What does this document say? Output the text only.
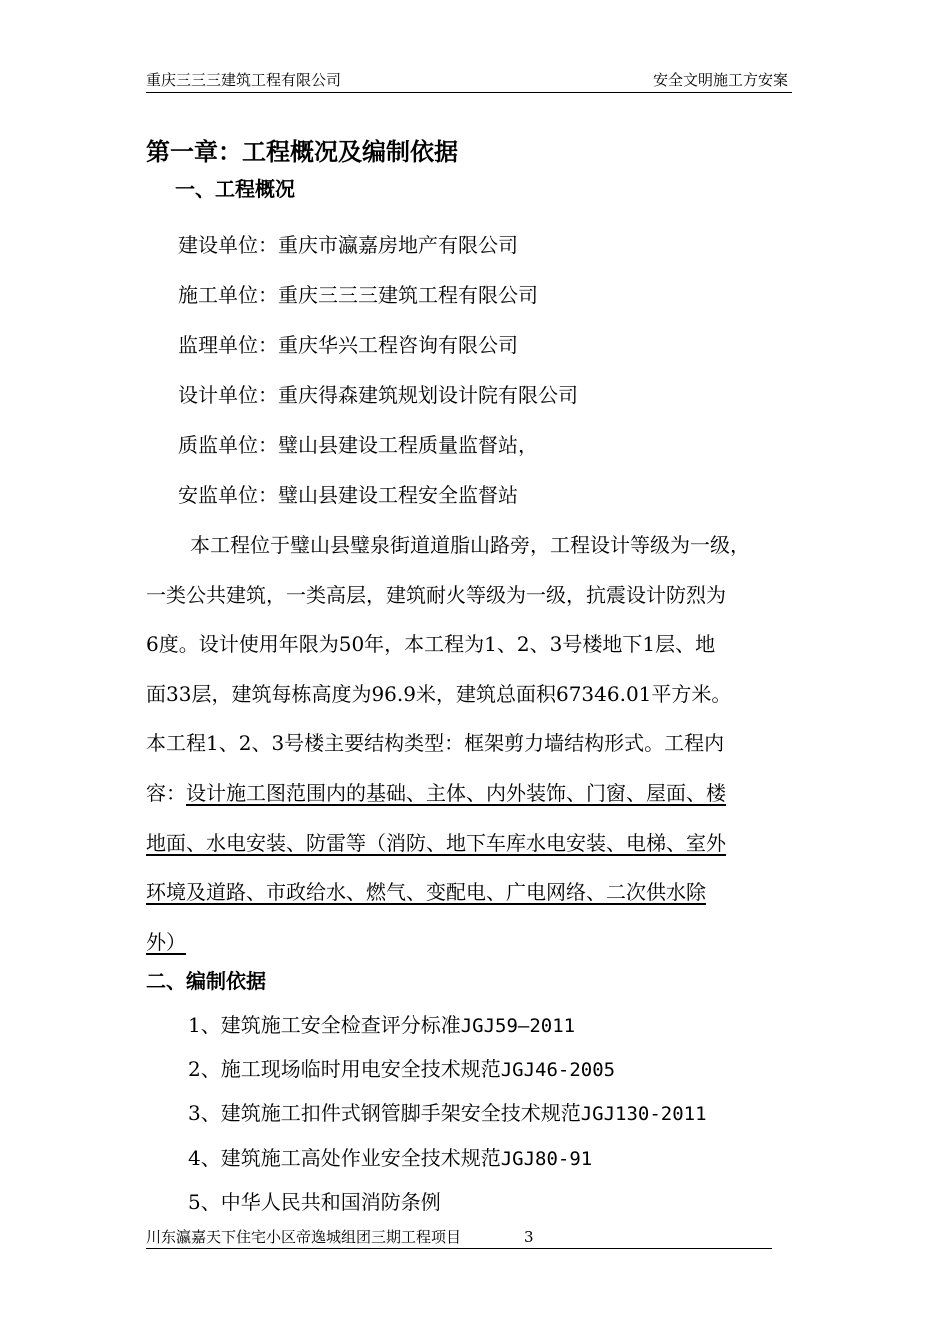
重庆三三三建筑工程有限公司	安全文明施工方安案
第一章：工程概况及编制依据
一、工程概况
建设单位：重庆市瀛嘉房地产有限公司
施工单位：重庆三三三建筑工程有限公司
监理单位：重庆华兴工程咨询有限公司
设计单位：重庆得森建筑规划设计院有限公司
质监单位：璧山县建设工程质量监督站，
安监单位：璧山县建设工程安全监督站
本工程位于璧山县璧泉街道道脂山路旁，工程设计等级为一级，
一类公共建筑，一类高层，建筑耐火等级为一级，抗震设计防烈为
6度。设计使用年限为50年，本工程为1、2、3号楼地下1层、地
面33层，建筑每栋高度为96.9米，建筑总面积67346.01平方米。
本工程1、2、3号楼主要结构类型：框架剪力墙结构形式。工程内
容：设计施工图范围内的基础、主体、内外装饰、门窗、屋面、楼
地面、水电安装、防雷等（消防、地下车库水电安装、电梯、室外
环境及道路、市政给水、燃气、变配电、广电网络、二次供水除
外）
二、编制依据
1、建筑施工安全检查评分标准JGJ59—2011
2、施工现场临时用电安全技术规范JGJ46-2005
3、建筑施工扣件式钢管脚手架安全技术规范JGJ130-2011
4、建筑施工高处作业安全技术规范JGJ80-91
5、中华人民共和国消防条例
川东瀛嘉天下住宅小区帝逸城组团三期工程项目	3
